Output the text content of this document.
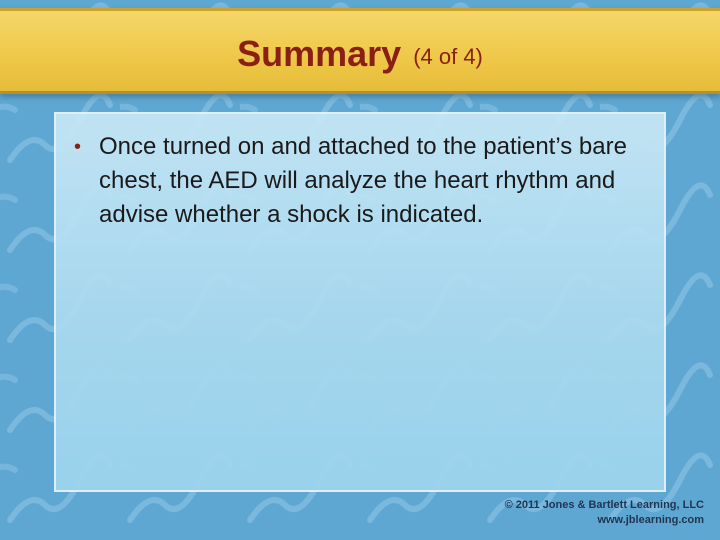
Summary (4 of 4)
• Once turned on and attached to the patient’s bare chest, the AED will analyze the heart rhythm and advise whether a shock is indicated.
© 2011 Jones & Bartlett Learning, LLC
www.jblearning.com
